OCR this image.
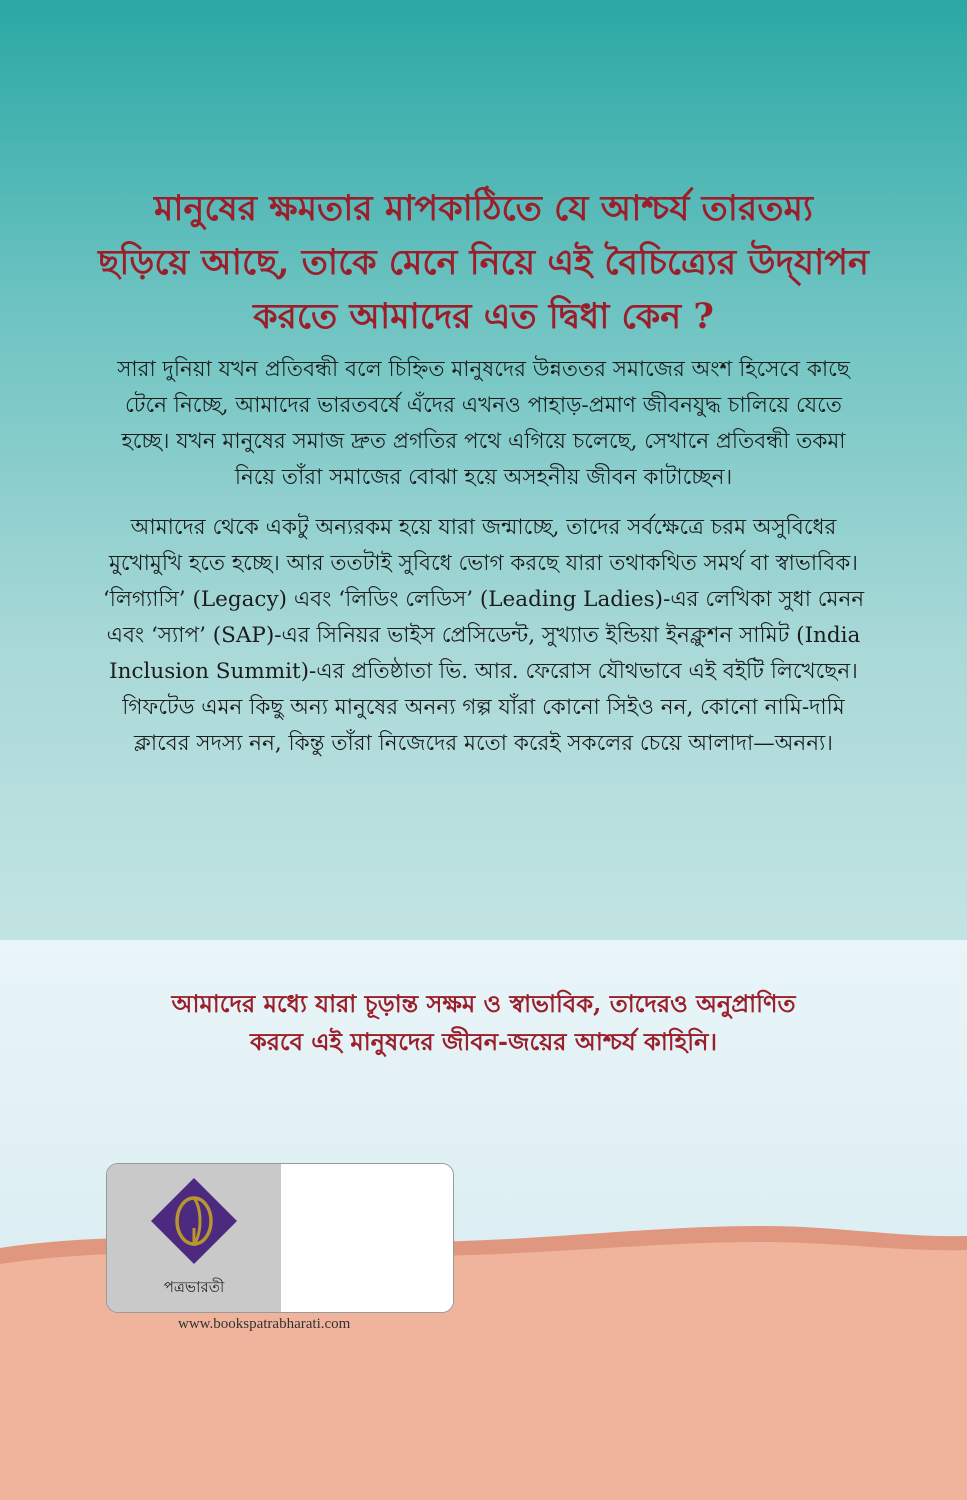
মানুষের ক্ষমতার মাপকাঠিতে যে আশ্চর্য তারতম্য
ছড়িয়ে আছে, তাকে মেনে নিয়ে এই বৈচিত্র্যের উদ্‌যাপন
করতে আমাদের এত দ্বিধা কেন ?

সারা দুনিয়া যখন প্রতিবন্ধী বলে চিহ্নিত মানুষদের উন্নততর সমাজের অংশ হিসেবে কাছে টেনে নিচ্ছে, আমাদের ভারতবর্ষে এঁদের এখনও পাহাড়-প্রমাণ জীবনযুদ্ধ চালিয়ে যেতে হচ্ছে। যখন মানুষের সমাজ দ্রুত প্রগতির পথে এগিয়ে চলেছে, সেখানে প্রতিবন্ধী তকমা নিয়ে তাঁরা সমাজের বোঝা হয়ে অসহনীয় জীবন কাটাচ্ছেন।

আমাদের থেকে একটু অন্যরকম হয়ে যারা জন্মাচ্ছে, তাদের সর্বক্ষেত্রে চরম অসুবিধের মুখোমুখি হতে হচ্ছে। আর ততটাই সুবিধে ভোগ করছে যারা তথাকথিত সমর্থ বা স্বাভাবিক। ‘লিগ্যাসি’ (Legacy) এবং ‘লিডিং লেডিস’ (Leading Ladies)-এর লেখিকা সুধা মেনন এবং ‘স্যাপ’ (SAP)-এর সিনিয়র ভাইস প্রেসিডেন্ট, সুখ্যাত ইন্ডিয়া ইনক্লুশন সামিট (India Inclusion Summit)-এর প্রতিষ্ঠাতা ভি. আর. ফেরোস যৌথভাবে এই বইটি লিখেছেন। গিফটেড এমন কিছু অন্য মানুষের অনন্য গল্প যাঁরা কোনো সিইও নন, কোনো নামি-দামি ক্লাবের সদস্য নন, কিন্তু তাঁরা নিজেদের মতো করেই সকলের চেয়ে আলাদা—অনন্য।

আমাদের মধ্যে যারা চূড়ান্ত সক্ষম ও স্বাভাবিক, তাদেরও অনুপ্রাণিত
করবে এই মানুষদের জীবন-জয়ের আশ্চর্য কাহিনি।
পত্রভারতী
www.bookspatrabharati.com
